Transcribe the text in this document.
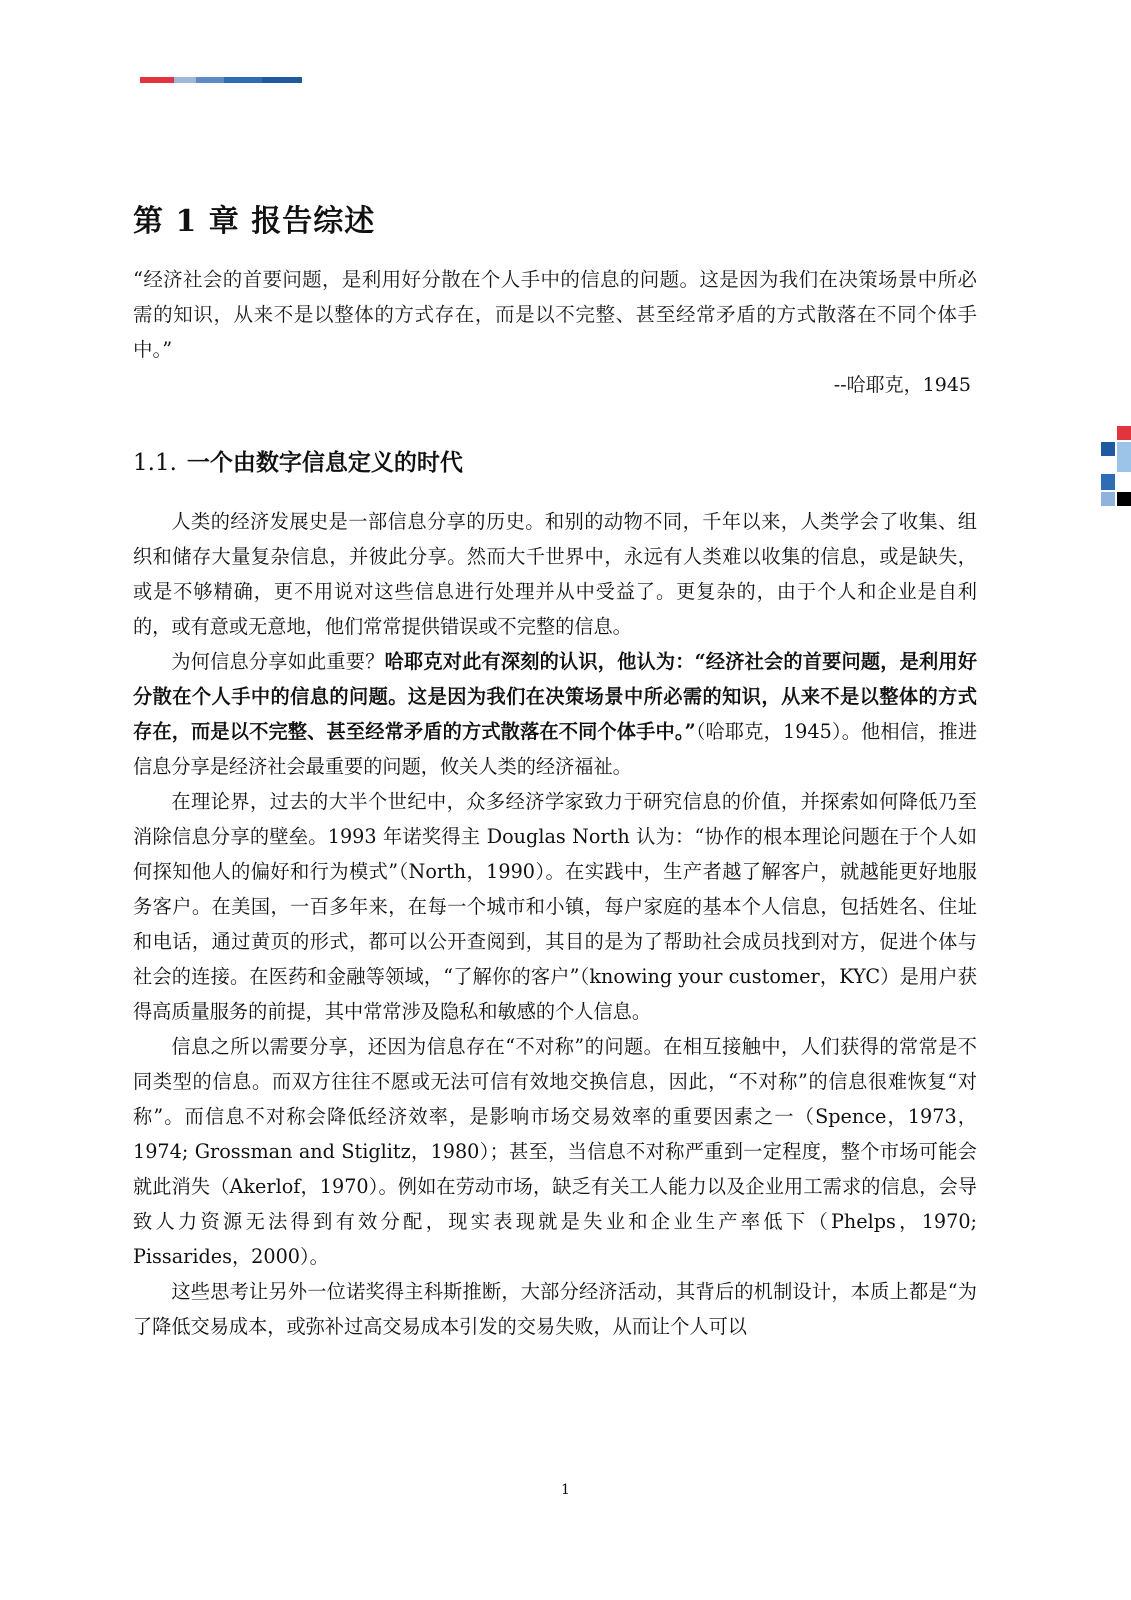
第 1 章 报告综述

“经济社会的首要问题，是利用好分散在个人手中的信息的问题。这是因为我们在决策场景中所必需的知识，从来不是以整体的方式存在，而是以不完整、甚至经常矛盾的方式散落在不同个体手中。”

--哈耶克，1945

1.1. 一个由数字信息定义的时代

人类的经济发展史是一部信息分享的历史。和别的动物不同，千年以来，人类学会了收集、组织和储存大量复杂信息，并彼此分享。然而大千世界中，永远有人类难以收集的信息，或是缺失，或是不够精确，更不用说对这些信息进行处理并从中受益了。更复杂的，由于个人和企业是自利的，或有意或无意地，他们常常提供错误或不完整的信息。

为何信息分享如此重要？哈耶克对此有深刻的认识，他认为：“经济社会的首要问题，是利用好分散在个人手中的信息的问题。这是因为我们在决策场景中所必需的知识，从来不是以整体的方式存在，而是以不完整、甚至经常矛盾的方式散落在不同个体手中。”（哈耶克，1945）。他相信，推进信息分享是经济社会最重要的问题，攸关人类的经济福祉。

在理论界，过去的大半个世纪中，众多经济学家致力于研究信息的价值，并探索如何降低乃至消除信息分享的壁垒。1993 年诺奖得主 Douglas North 认为：“协作的根本理论问题在于个人如何探知他人的偏好和行为模式”（North，1990）。在实践中，生产者越了解客户，就越能更好地服务客户。在美国，一百多年来，在每一个城市和小镇，每户家庭的基本个人信息，包括姓名、住址和电话，通过黄页的形式，都可以公开查阅到，其目的是为了帮助社会成员找到对方，促进个体与社会的连接。在医药和金融等领域，“了解你的客户”（knowing your customer，KYC）是用户获得高质量服务的前提，其中常常涉及隐私和敏感的个人信息。

信息之所以需要分享，还因为信息存在“不对称”的问题。在相互接触中，人们获得的常常是不同类型的信息。而双方往往不愿或无法可信有效地交换信息，因此，“不对称”的信息很难恢复“对称”。而信息不对称会降低经济效率，是影响市场交易效率的重要因素之一（Spence，1973，1974; Grossman and Stiglitz，1980）；甚至，当信息不对称严重到一定程度，整个市场可能会就此消失（Akerlof，1970）。例如在劳动市场，缺乏有关工人能力以及企业用工需求的信息，会导致人力资源无法得到有效分配，现实表现就是失业和企业生产率低下（Phelps，1970; Pissarides，2000）。

这些思考让另外一位诺奖得主科斯推断，大部分经济活动，其背后的机制设计，本质上都是“为了降低交易成本，或弥补过高交易成本引发的交易失败，从而让个人可以

1
